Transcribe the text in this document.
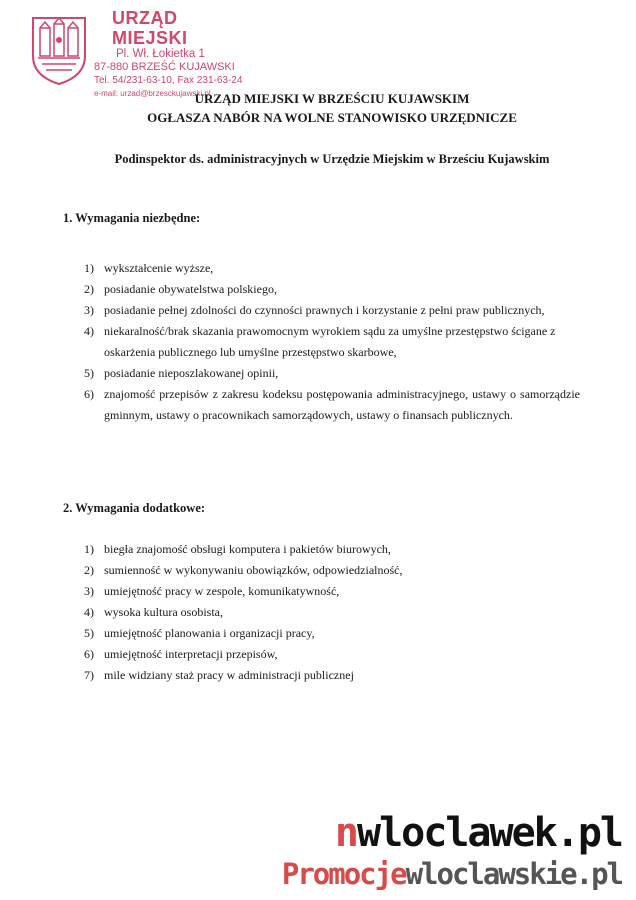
URZĄD MIEJSKI
Pl. Wł. Łokietka 1
87-880 BRZEŚĆ KUJAWSKI
Tel. 54/231-63-10, Fax 231-63-24
e-mail: urzad@brzesckujawski.pl
URZĄD MIEJSKI W BRZEŚCIU KUJAWSKIM
OGŁASZA NABÓR NA WOLNE STANOWISKO URZĘDNICZE
Podinspektor ds. administracyjnych w Urzędzie Miejskim w Brześciu Kujawskim
1. Wymagania niezbędne:
1) wykształcenie wyższe,
2) posiadanie obywatelstwa polskiego,
3) posiadanie pełnej zdolności do czynności prawnych i korzystanie z pełni praw publicznych,
4) niekaralność/brak skazania prawomocnym wyrokiem sądu za umyślne przestępstwo ścigane z oskarżenia publicznego lub umyślne przestępstwo skarbowe,
5) posiadanie nieposzlakowanej opinii,
6) znajomość przepisów z zakresu kodeksu postępowania administracyjnego, ustawy o samorządzie gminnym, ustawy o pracownikach samorządowych, ustawy o finansach publicznych.
2. Wymagania dodatkowe:
1) biegła znajomość obsługi komputera i pakietów biurowych,
2) sumienność w wykonywaniu obowiązków, odpowiedzialność,
3) umiejętność pracy w zespole, komunikatywność,
4) wysoka kultura osobista,
5) umiejętność planowania i organizacji pracy,
6) umiejętność interpretacji przepisów,
7) mile widziany staż pracy w administracji publicznej
nwloclawek.pl
Promocjewloclawskie.pl
